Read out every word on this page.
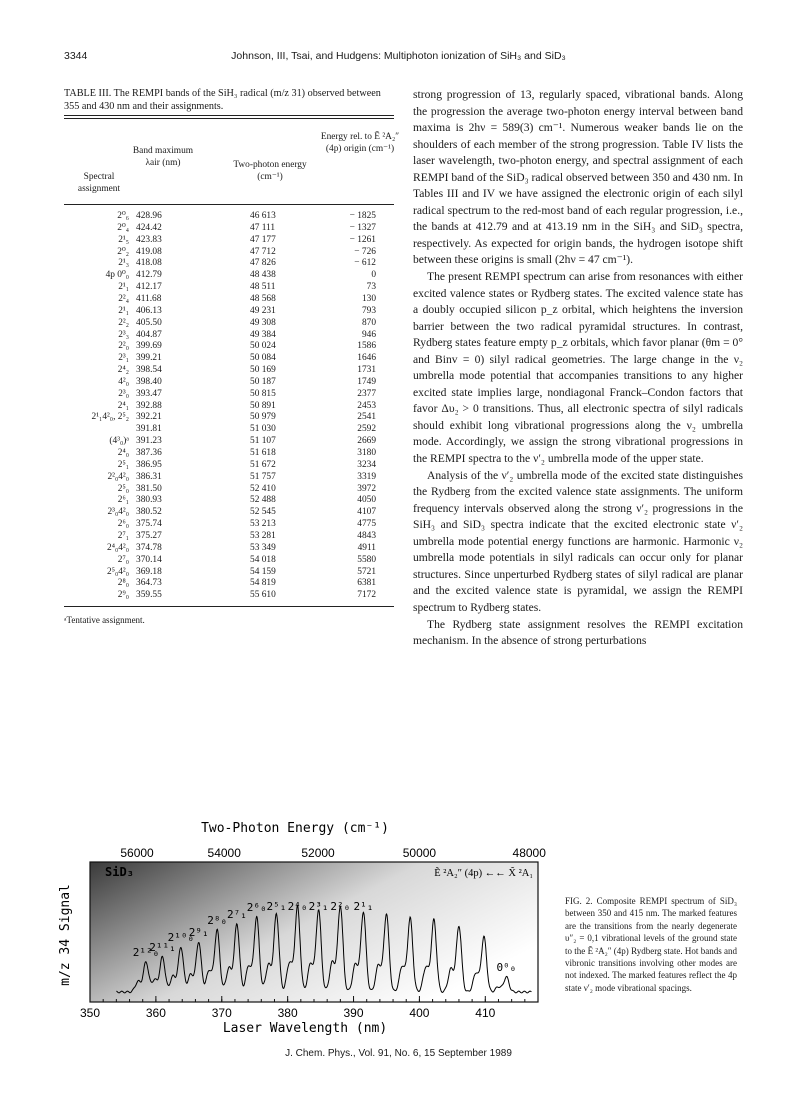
3344	Johnson, III, Tsai, and Hudgens: Multiphoton ionization of SiH₃ and SiD₃
TABLE III. The REMPI bands of the SiH₃ radical (m/z 31) observed between 355 and 430 nm and their assignments.
Spectral assignment
Band maximum λair (nm)	Two-photon energy (cm⁻¹)
Energy rel. to Ẽ ²A₂″ (4p) origin (cm⁻¹)
2⁰₆ 428.96	46 613	− 1825
2⁰₄ 424.42	47 111	− 1327
2¹₅ 423.83	47 177	− 1261
2⁰₂ 419.08	47 712	− 726
2¹₃ 418.08	47 826	− 612
4p 0⁰₀ 412.79	48 438	0
2¹₁ 412.17	48 511	73
2²₄ 411.68	48 568	130
2¹₁ 406.13	49 231	793
2²₂ 405.50	49 308	870
2³₃ 404.87	49 384	946
2²₀ 399.69	50 024	1586
2³₁ 399.21	50 084	1646
2⁴₂ 398.54	50 169	1731
4²₀ 398.40	50 187	1749
2³₀ 393.47	50 815	2377
2⁴₁ 392.88	50 891	2453
2¹₁4²₀, 2⁵₂ 392.21	50 979	2541
391.81	51 030	2592
(4³₀)ᵃ 391.23	51 107	2669
2⁴₀ 387.36	51 618	3180
2⁵₁ 386.95	51 672	3234
2²₀4²₀ 386.31	51 757	3319
2⁵₀ 381.50	52 410	3972
2⁶₁ 380.93	52 488	4050
2³₀4²₀ 380.52	52 545	4107
2⁶₀ 375.74	53 213	4775
2⁷₁ 375.27	53 281	4843
2⁴₀4²₀ 374.78	53 349	4911
2⁷₀ 370.14	54 018	5580
2⁵₀4²₀ 369.18	54 159	5721
2⁸₀ 364.73	54 819	6381
2⁹₀ 359.55	55 610	7172
ᵃTentative assignment.

strong progression of 13, regularly spaced, vibrational bands. Along the progression the average two-photon energy interval between band maxima is 2hν = 589(3) cm⁻¹. Numerous weaker bands lie on the shoulders of each member of the strong progression. Table IV lists the laser wavelength, two-photon energy, and spectral assignment of each REMPI band of the SiD₃ radical observed between 350 and 430 nm. In Tables III and IV we have assigned the electronic origin of each silyl radical spectrum to the red-most band of each regular progression, i.e., the bands at 412.79 and at 413.19 nm in the SiH₃ and SiD₃ spectra, respectively. As expected for origin bands, the hydrogen isotope shift between these origins is small (2hν = 47 cm⁻¹).

The present REMPI spectrum can arise from resonances with either excited valence states or Rydberg states. The excited valence state has a doubly occupied silicon p_z orbital, which heightens the inversion barrier between the two radical pyramidal structures. In contrast, Rydberg states feature empty p_z orbitals, which favor planar (θm = 0° and Binv = 0) silyl radical geometries. The large change in the ν₂ umbrella mode potential that accompanies transitions to any higher excited state implies large, nondiagonal Franck–Condon factors that favor Δυ₂ > 0 transitions. Thus, all electronic spectra of silyl radicals should exhibit long vibrational progressions along the ν₂ umbrella mode. Accordingly, we assign the strong vibrational progressions in the REMPI spectra to the ν′₂ umbrella mode of the upper state.

Analysis of the ν′₂ umbrella mode of the excited state distinguishes the Rydberg from the excited valence state assignments. The uniform frequency intervals observed along the strong ν′₂ progressions in the SiH₃ and SiD₃ spectra indicate that the excited electronic state ν′₂ umbrella mode potential energy functions are harmonic. Harmonic ν₂ umbrella mode potentials in silyl radicals can occur only for planar structures. Since unperturbed Rydberg states of silyl radical are planar and the excited valence state is pyramidal, we assign the REMPI spectrum to Rydberg states.

The Rydberg state assignment resolves the REMPI excitation mechanism. In the absence of strong perturbations

Two-Photon Energy (cm⁻¹)
56000	54000	52000	50000	48000
350	360	370	380	390	400	410
Laser Wavelength (nm)
m/z 34 Signal
SiD₃	Ẽ ²A₂″ (4p) ←← X̃ ²A₁
2¹²₀
2¹¹₁
2¹⁰₀
2⁹₁
2⁸₀ 2⁷₁
2⁶₀ 2⁵₁ 2⁴₀ 2³₁ 2²₀ 2¹₁
0⁰₀
FIG. 2. Composite REMPI spectrum of SiD₃ between 350 and 415 nm. The marked features are the transitions from the nearly degenerate υ″₂ = 0,1 vibrational levels of the ground state to the Ẽ ²A₂″ (4p) Rydberg state. Hot bands and vibronic transitions involving other modes are not indexed. The marked features reflect the 4p state ν′₂ mode vibrational spacings.
J. Chem. Phys., Vol. 91, No. 6, 15 September 1989
